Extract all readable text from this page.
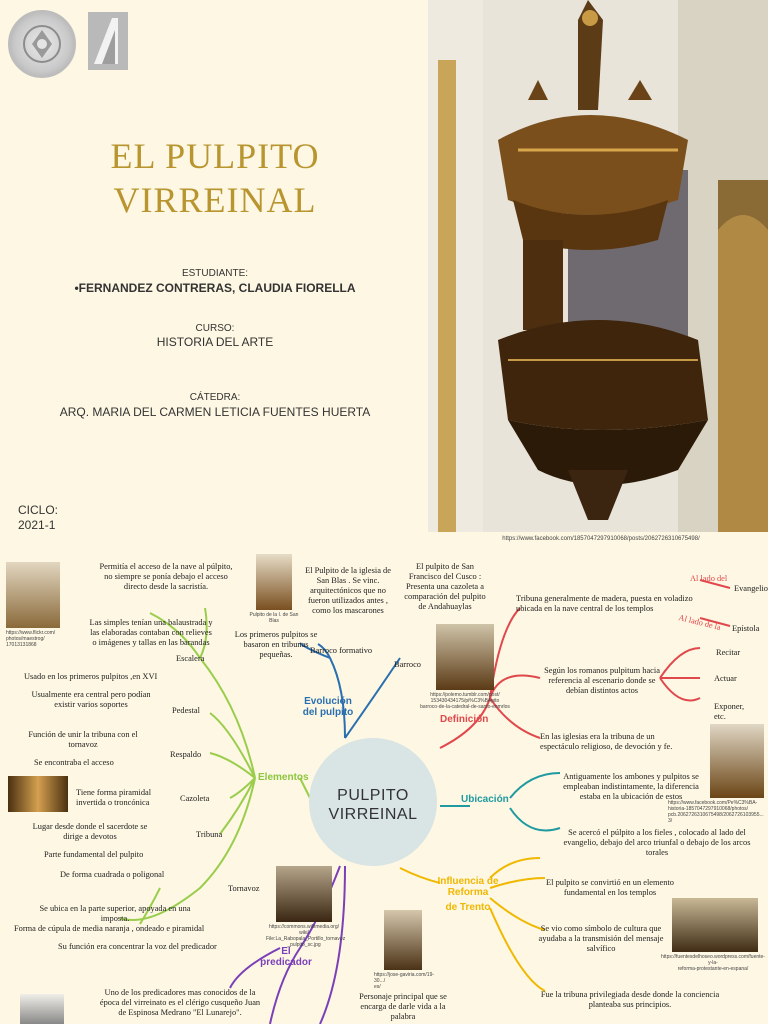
EL PULPITO
VIRREINAL
ESTUDIANTE:
•FERNANDEZ CONTRERAS, CLAUDIA FIORELLA
CURSO:
HISTORIA DEL ARTE
CÁTEDRA:
ARQ. MARIA DEL CARMEN LETICIA FUENTES HUERTA
CICLO:
2021-1
https://www.facebook.com/1857047297910068/posts/2062726310675498/
PULPITO
VIRREINAL
Elementos
Evolución
del pulpito
Definición
Ubicación
Influencia de
Reforma
de Trento
El
predicador
https://www.flickr.com/
photos/maestrog/
17013131868
Permitía el acceso de la nave al púlpito,
no siempre se ponía debajo el acceso
directo desde la sacristía.
Las simples tenían una balaustrada y
las elaboradas contaban con relieves
o imágenes y tallas en las barandas
Escalera
Usado en los primeros pulpitos ,en XVI
Usualmente era central pero podían
existir varios soportes
Pedestal
Función de unir la tribuna con el
tornavoz
Se encontraba el acceso
Respaldo
Tiene forma piramidal
invertida o troncónica	Cazoleta
Lugar desde donde el sacerdote se
dirige a devotos
Parte fundamental del pulpito
De forma cuadrada o poligonal
Tribuna
Tornavoz
Se ubica en la parte superior, apoyada en una
imposta.
Forma de cúpula de media naranja , ondeado e piramidal
Su función era concentrar la voz del predicador
Pulpito de la I. de San
Blas
Los primeros pulpitos se
basaron en tribunas
pequeñas.
El Pulpito de la iglesia de
San Blas . Se vinc.
arquitectónicos que no
fueron utilizados antes ,
como los mascarones
Barroco formativo
El pulpito de San
Francisco del Cusco :
Presenta una cazoleta a
comparación del pulpito
de Andahuaylas
Barroco
https://polemo.tumblr.com/post/
153430434175/pi%C3%BApito
barroco-de-la-catedral-de-santo-eomrlos
Tribuna generalmente de madera, puesta en voladizo
ubicada en la nave central de los templos
Al lado del
Evangelio
Al lado de la Epístola
Según los romanos pulpitum hacia
referencia al escenario donde se
debían distintos actos
Recitar
Actuar
Exponer,
etc.
En las iglesias era la tribuna de un
espectáculo religioso, de devoción y fe.
https://www.facebook.com/Pe%C3%BA-
historia-1857047297910068/photos/
pcb.2062726310675498/2062726103955...
3/
Antiguamente los ambones y pulpitos se
empleaban indistintamente, la diferencia
estaba en la ubicación de estos
Se acercó el púlpito a los fieles , colocado al lado del
evangelio, debajo del arco triunfal o debajo de los arcos
torales
El pulpito se convirtió en un elemento
fundamental en los templos
https://fuentesdelhoseo.wordpress.com/fuente-y-la-
reforma-protestante-en-espana/
Se vio como símbolo de cultura que
ayudaba a la transmisión del mensaje
salvífico
Fue la tribuna privilegiada desde donde la conciencia
planteaba sus principios.
https://commons.wikimedia.org/
wiki/
File:La_Rabopala_Portillo_tornavoz
_pulpito_sc.jpg
https://jose-gaviria.com/19-30.../
es/
Uno de los predicadores mas conocidos de la
época del virreinato es el clérigo cusqueño Juan
de Espinosa Medrano "El Lunarejo".
Personaje principal que se
encarga de darle vida a la
palabra
